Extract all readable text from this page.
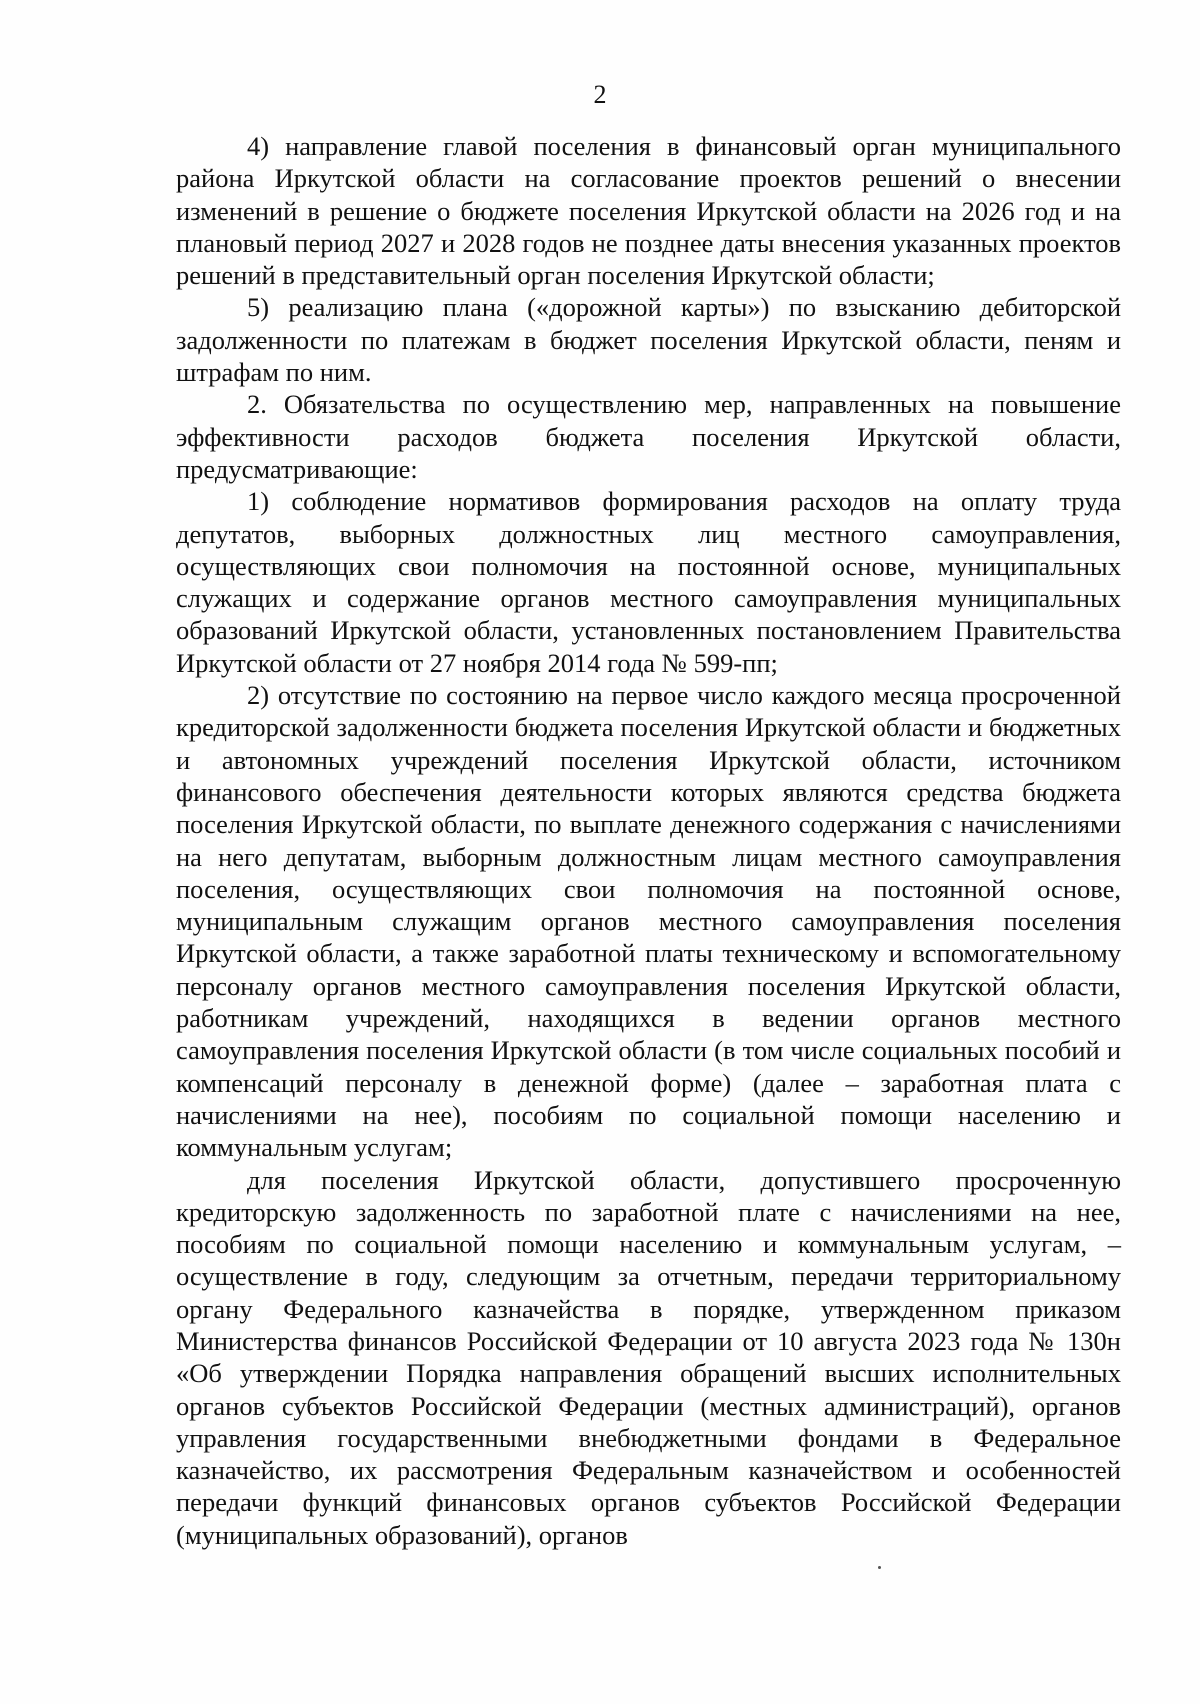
2

4) направление главой поселения в финансовый орган муниципального района Иркутской области на согласование проектов решений о внесении изменений в решение о бюджете поселения Иркутской области на 2026 год и на плановый период 2027 и 2028 годов не позднее даты внесения указанных проектов решений в представительный орган поселения Иркутской области;

5) реализацию плана («дорожной карты») по взысканию дебиторской задолженности по платежам в бюджет поселения Иркутской области, пеням и штрафам по ним.

2. Обязательства по осуществлению мер, направленных на повышение эффективности расходов бюджета поселения Иркутской области, предусматривающие:

1) соблюдение нормативов формирования расходов на оплату труда депутатов, выборных должностных лиц местного самоуправления, осуществляющих свои полномочия на постоянной основе, муниципальных служащих и содержание органов местного самоуправления муниципальных образований Иркутской области, установленных постановлением Правительства Иркутской области от 27 ноября 2014 года № 599-пп;

2) отсутствие по состоянию на первое число каждого месяца просроченной кредиторской задолженности бюджета поселения Иркутской области и бюджетных и автономных учреждений поселения Иркутской области, источником финансового обеспечения деятельности которых являются средства бюджета поселения Иркутской области, по выплате денежного содержания с начислениями на него депутатам, выборным должностным лицам местного самоуправления поселения, осуществляющих свои полномочия на постоянной основе, муниципальным служащим органов местного самоуправления поселения Иркутской области, а также заработной платы техническому и вспомогательному персоналу органов местного самоуправления поселения Иркутской области, работникам учреждений, находящихся в ведении органов местного самоуправления поселения Иркутской области (в том числе социальных пособий и компенсаций персоналу в денежной форме) (далее – заработная плата с начислениями на нее), пособиям по социальной помощи населению и коммунальным услугам;

для поселения Иркутской области, допустившего просроченную кредиторскую задолженность по заработной плате с начислениями на нее, пособиям по социальной помощи населению и коммунальным услугам, – осуществление в году, следующим за отчетным, передачи территориальному органу Федерального казначейства в порядке, утвержденном приказом Министерства финансов Российской Федерации от 10 августа 2023 года № 130н «Об утверждении Порядка направления обращений высших исполнительных органов субъектов Российской Федерации (местных администраций), органов управления государственными внебюджетными фондами в Федеральное казначейство, их рассмотрения Федеральным казначейством и особенностей передачи функций финансовых органов субъектов Российской Федерации (муниципальных образований), органов
